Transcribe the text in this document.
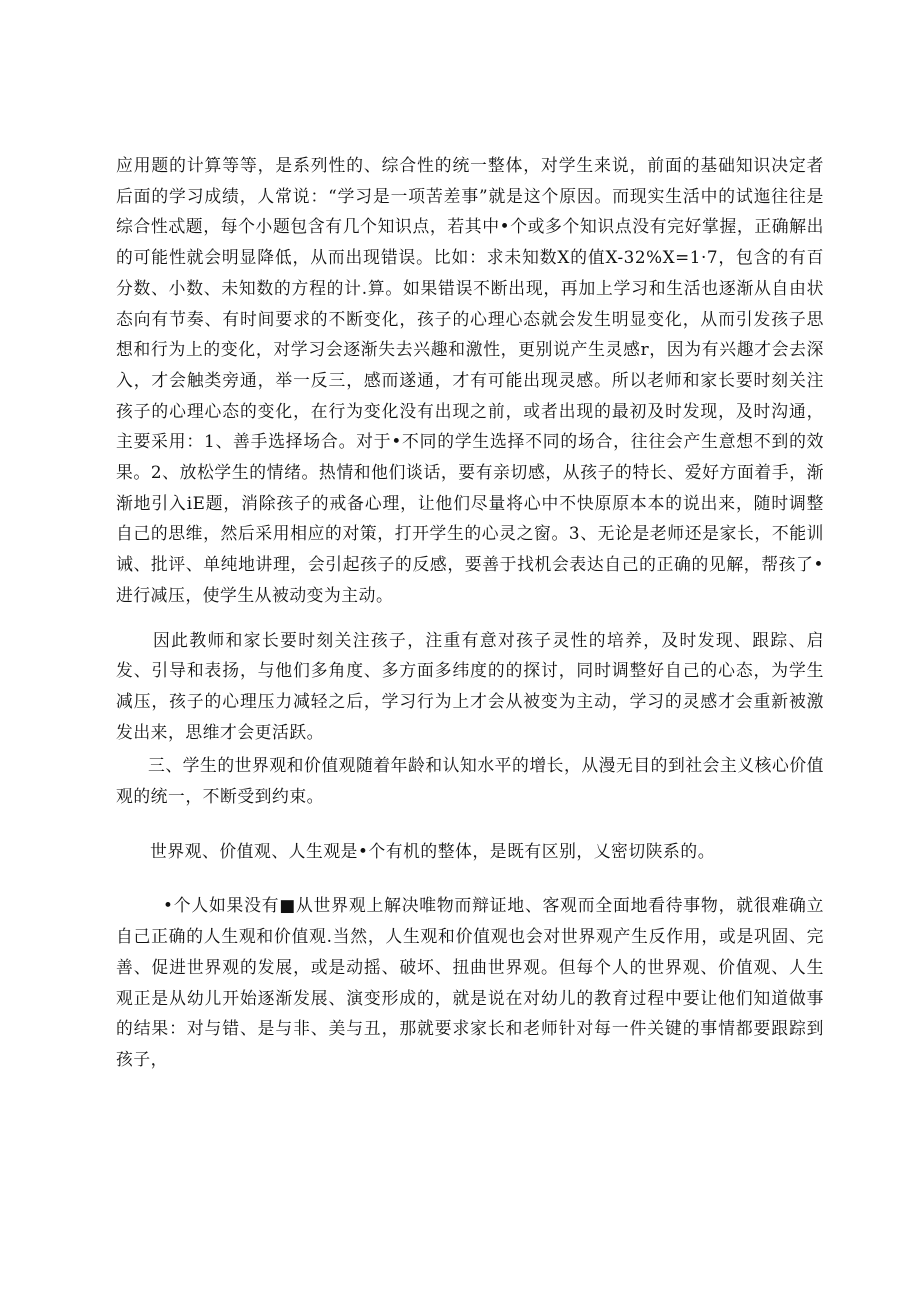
应用题的计算等等，是系列性的、综合性的统一整体，对学生来说，前面的基础知识决定者后面的学习成绩，人常说：“学习是一项苦差事”就是这个原因。而现实生活中的试迤往往是综合性忒题，每个小题包含有几个知识点，若其中•个或多个知识点没有完好掌握，正确解出的可能性就会明显降低，从而出现错误。比如：求未知数X的值X-32%X=1·7，包含的有百分数、小数、未知数的方程的计.算。如果错误不断出现，再加上学习和生活也逐渐从自由状态向有节奏、有时间要求的不断变化，孩子的心理心态就会发生明显变化，从而引发孩子思想和行为上的变化，对学习会逐渐失去兴趣和激性，更别说产生灵感r，因为有兴趣才会去深入，才会触类旁通，举一反三，感而遂通，才有可能出现灵感。所以老师和家长要时刻关注孩子的心理心态的变化，在行为变化没有出现之前，或者出现的最初及时发现，及时沟通，主要采用：1、善手选择场合。对于•不同的学生选择不同的场合，往往会产生意想不到的效果。2、放松学生的情绪。热情和他们谈话，要有亲切感，从孩子的特长、爱好方面着手，渐渐地引入iE题，消除孩子的戒备心理，让他们尽量将心中不快原原本本的说出来，随时调整自己的思维，然后采用相应的对策，打开学生的心灵之窗。3、无论是老师还是家长，不能训诫、批评、单纯地讲理，会引起孩子的反感，要善于找机会表达自己的正确的见解，帮孩了•进行减压，使学生从被动变为主动。

因此教师和家长要时刻关注孩子，注重有意对孩子灵性的培养，及时发现、跟踪、启发、引导和表扬，与他们多角度、多方面多纬度的的探讨，同时调整好自己的心态，为学生减压，孩子的心理压力减轻之后，学习行为上才会从被变为主动，学习的灵感才会重新被激发出来，思维才会更活跃。

三、学生的世界观和价值观随着年龄和认知水平的增长，从漫无目的到社会主义核心价值观的统一，不断受到约束。

世界观、价值观、人生观是•个有机的整体，是既有区别，乂密切陕系的。

•个人如果没有■从世界观上解决唯物而辩证地、客观而全面地看待事物，就很难确立自己正确的人生观和价值观.当然，人生观和价值观也会对世界观产生反作用，或是巩固、完善、促进世界观的发展，或是动摇、破坏、扭曲世界观。但每个人的世界观、价值观、人生观正是从幼儿开始逐渐发展、演变形成的，就是说在对幼儿的教育过程中要让他们知道做事的结果：对与错、是与非、美与丑，那就要求家长和老师针对每一件关键的事情都要跟踪到孩子，
